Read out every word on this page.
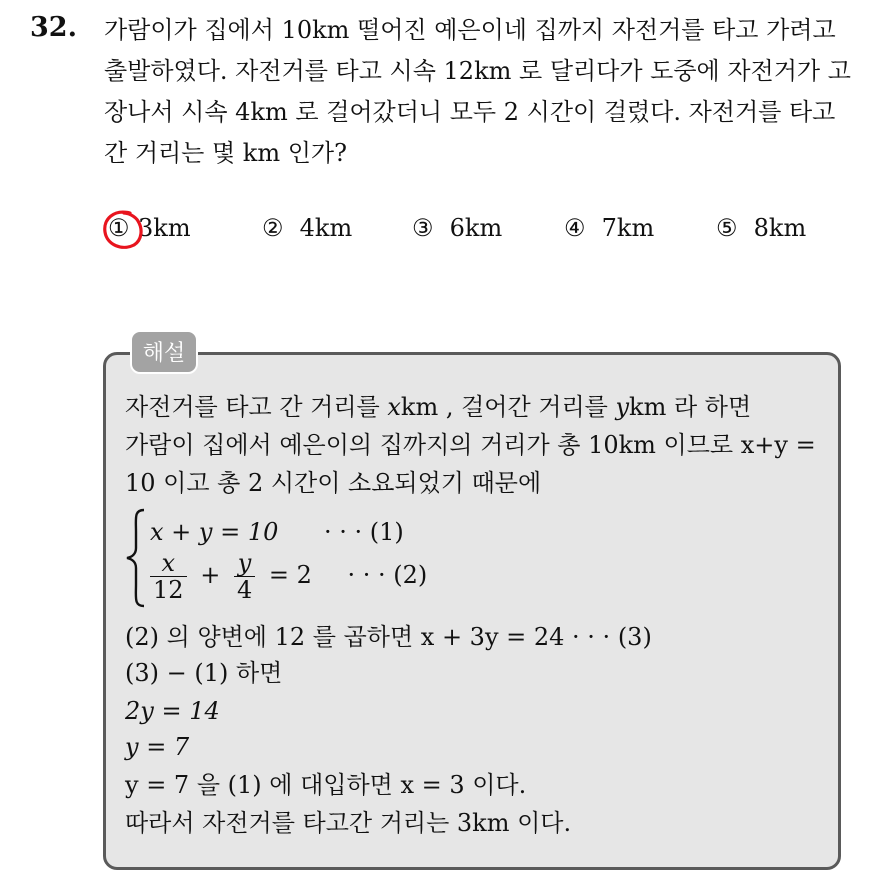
32. 가람이가 집에서 10km 떨어진 예은이네 집까지 자전거를 타고 가려고 출발하였다. 자전거를 타고 시속 12km 로 달리다가 도중에 자전거가 고장나서 시속 4km 로 걸어갔더니 모두 2 시간이 걸렸다. 자전거를 타고 간 거리는 몇 km 인가?
① 3km	② 4km ③ 6km	④ 7km	⑤ 8km
해설
자전거를 타고 간 거리를 xkm , 걸어간 거리를 ykm 라 하면
가람이 집에서 예은이의 집까지의 거리가 총 10km 이므로 x+y =
10 이고 총 2 시간이 소요되었기 때문에
x + y = 10 · · · (1)
$\frac{x}{12} + \frac{y}{4} = 2$ · · · (2)
(2) 의 양변에 12 를 곱하면 x + 3y = 24 · · · (3)
(3) − (1) 하면
2y = 14
y = 7
y = 7 을 (1) 에 대입하면 x = 3 이다.
따라서 자전거를 타고간 거리는 3km 이다.
